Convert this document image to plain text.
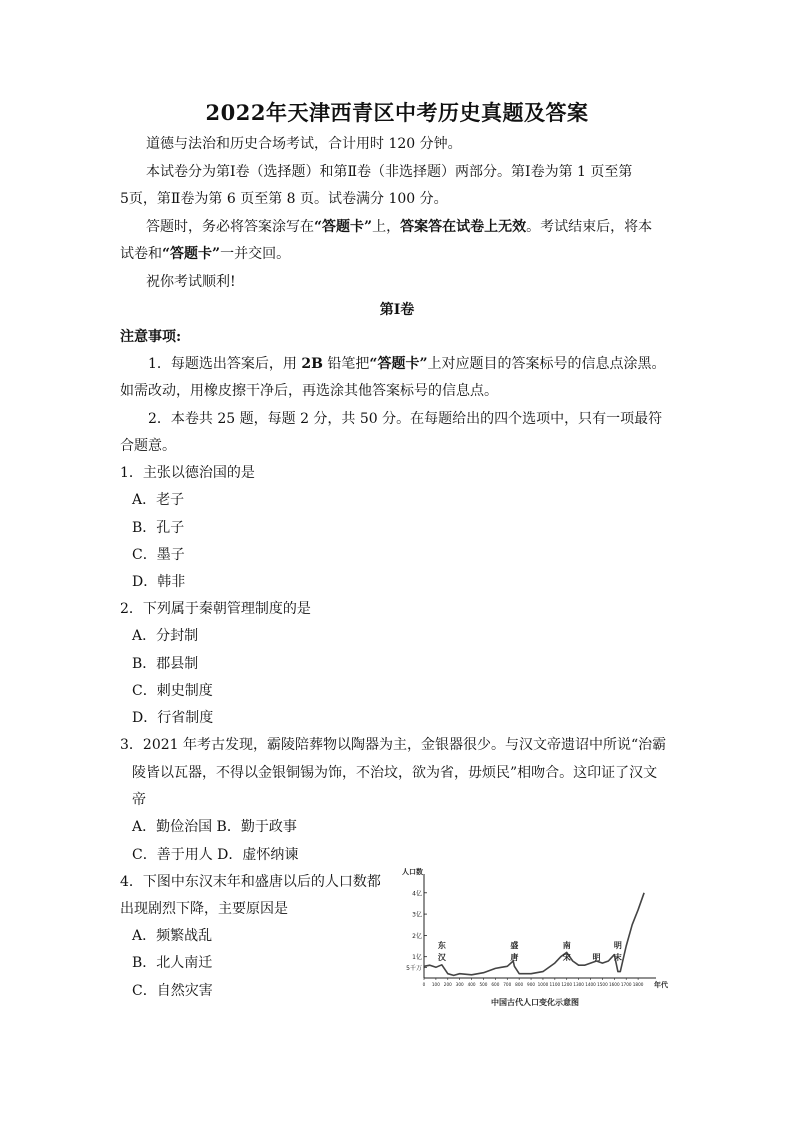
2022年天津西青区中考历史真题及答案
道德与法治和历史合场考试，合计用时 120 分钟。
本试卷分为第Ⅰ卷（选择题）和第Ⅱ卷（非选择题）两部分。第Ⅰ卷为第 1 页至第
5页，第Ⅱ卷为第 6 页至第 8 页。试卷满分 100 分。
答题时，务必将答案涂写在“答题卡”上，答案答在试卷上无效。考试结束后，将本
试卷和“答题卡”一并交回。
祝你考试顺利!
第Ⅰ卷
注意事项:
1．每题选出答案后，用 2B 铅笔把“答题卡”上对应题目的答案标号的信息点涂黑。
如需改动，用橡皮擦干净后，再选涂其他答案标号的信息点。
2．本卷共 25 题，每题 2 分，共 50 分。在每题给出的四个选项中，只有一项最符
合题意。
1．主张以德治国的是
A．老子
B．孔子
C．墨子
D．韩非
2．下列属于秦朝管理制度的是
A．分封制
B．郡县制
C．刺史制度
D．行省制度
3．2021 年考古发现，霸陵陪葬物以陶器为主，金银器很少。与汉文帝遗诏中所说“治霸
陵皆以瓦器，不得以金银铜锡为饰，不治坟，欲为省，毋烦民”相吻合。这印证了汉文
帝
A．勤俭治国 B．勤于政事
C．善于用人 D．虚怀纳谏
4．下图中东汉末年和盛唐以后的人口数都
出现剧烈下降，主要原因是
A．频繁战乱
B．北人南迁
C．自然灾害
人口数
年代
5千万
1亿
2亿
3亿
4亿
0 100 200 300 400 500 600 700 800 900 1000 1100 1200 1300 1400 1500 1600 1700 1800
东
汉
盛
唐
南
宋	明
明
末
中国古代人口变化示意图
